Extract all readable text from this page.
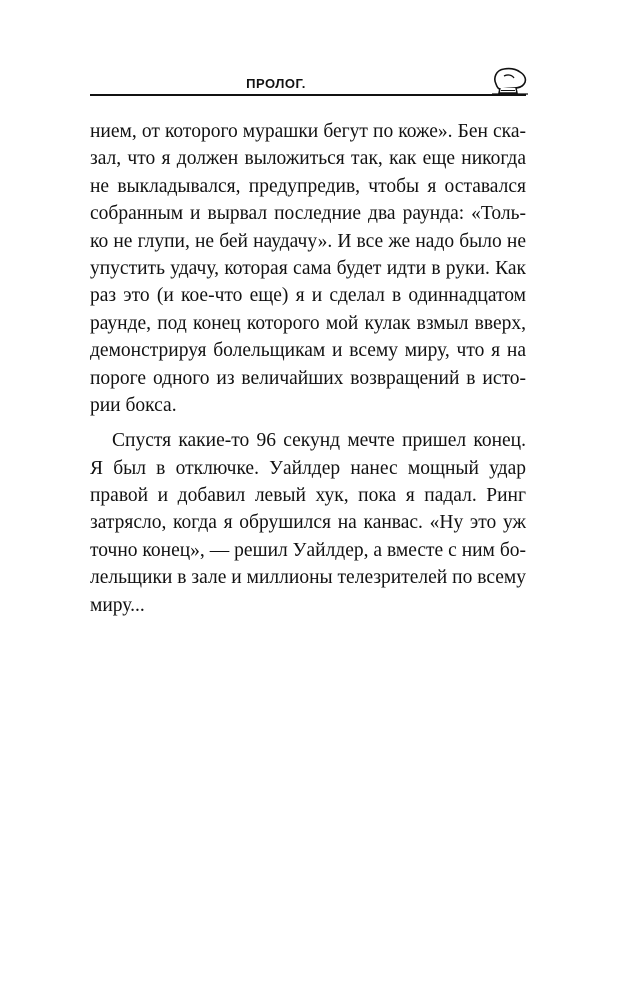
ПРОЛОГ.
нием, от которого мурашки бегут по коже». Бен ска-
зал, что я должен выложиться так, как еще никогда
не выкладывался, предупредив, чтобы я оставался
собранным и вырвал последние два раунда: «Толь-
ко не глупи, не бей наудачу». И все же надо было не
упустить удачу, которая сама будет идти в руки. Как
раз это (и кое-что еще) я и сделал в одиннадцатом
раунде, под конец которого мой кулак взмыл вверх,
демонстрируя болельщикам и всему миру, что я на
пороге одного из величайших возвращений в исто-
рии бокса.
Спустя какие-то 96 секунд мечте пришел конец.
Я был в отключке. Уайлдер нанес мощный удар
правой и добавил левый хук, пока я падал. Ринг
затрясло, когда я обрушился на канвас. «Ну это уж
точно конец», — решил Уайлдер, а вместе с ним бо-
лельщики в зале и миллионы телезрителей по всему
миру...
